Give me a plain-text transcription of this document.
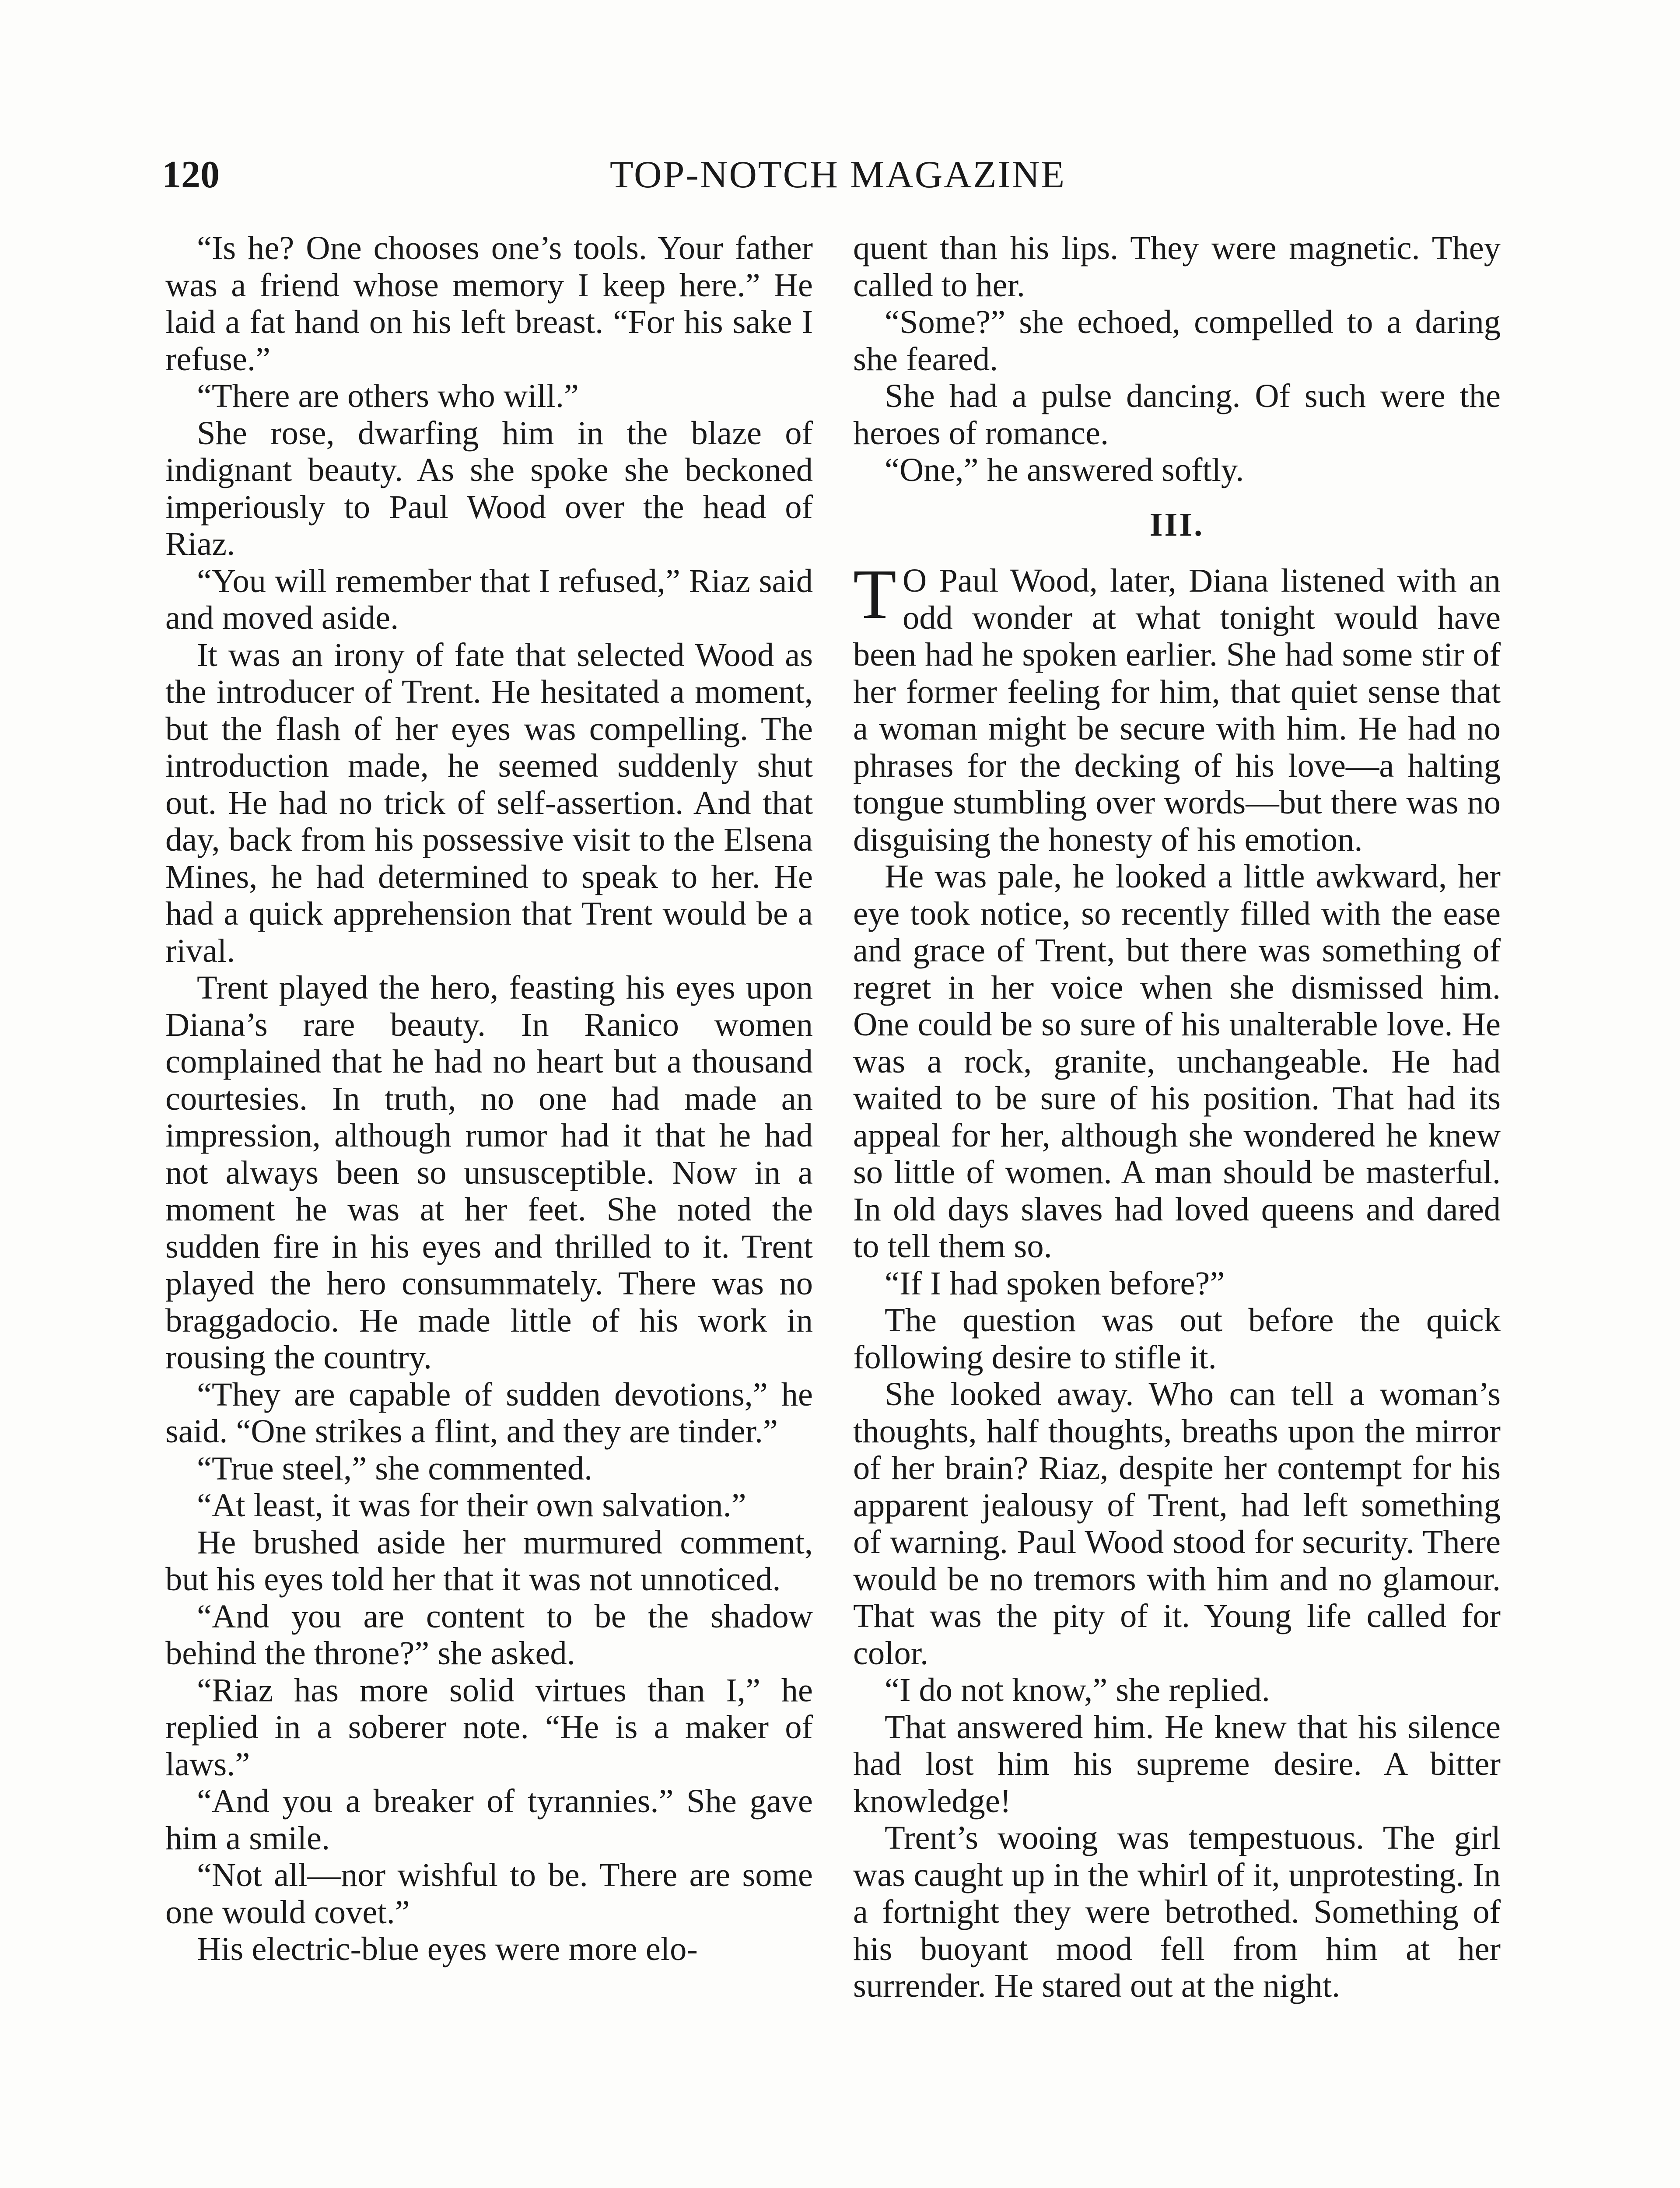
120	TOP-NOTCH MAGAZINE

“Is he? One chooses one’s tools. Your father was a friend whose memory I keep here.” He laid a fat hand on his left breast. “For his sake I refuse.”

“There are others who will.”

She rose, dwarfing him in the blaze of indignant beauty. As she spoke she beckoned imperiously to Paul Wood over the head of Riaz.

“You will remember that I refused,” Riaz said and moved aside.

It was an irony of fate that selected Wood as the introducer of Trent. He hesitated a moment, but the flash of her eyes was compelling. The introduction made, he seemed suddenly shut out. He had no trick of self-assertion. And that day, back from his possessive visit to the Elsena Mines, he had determined to speak to her. He had a quick apprehension that Trent would be a rival.

Trent played the hero, feasting his eyes upon Diana’s rare beauty. In Ranico women complained that he had no heart but a thousand courtesies. In truth, no one had made an impression, although rumor had it that he had not always been so unsusceptible. Now in a moment he was at her feet. She noted the sudden fire in his eyes and thrilled to it. Trent played the hero consummately. There was no braggadocio. He made little of his work in rousing the country.

“They are capable of sudden devotions,” he said. “One strikes a flint, and they are tinder.”

“True steel,” she commented.

“At least, it was for their own salvation.”

He brushed aside her murmured comment, but his eyes told her that it was not unnoticed.

“And you are content to be the shadow behind the throne?” she asked.

“Riaz has more solid virtues than I,” he replied in a soberer note. “He is a maker of laws.”

“And you a breaker of tyrannies.” She gave him a smile.

“Not all—nor wishful to be. There are some one would covet.”

His electric-blue eyes were more elo-

quent than his lips. They were magnetic. They called to her.

“Some?” she echoed, compelled to a daring she feared.

She had a pulse dancing. Of such were the heroes of romance.

“One,” he answered softly.

III.

T O Paul Wood, later, Diana listened with an odd wonder at what tonight would have been had he spoken earlier. She had some stir of her former feeling for him, that quiet sense that a woman might be secure with him. He had no phrases for the decking of his love—a halting tongue stumbling over words—but there was no disguising the honesty of his emotion.

He was pale, he looked a little awkward, her eye took notice, so recently filled with the ease and grace of Trent, but there was something of regret in her voice when she dismissed him. One could be so sure of his unalterable love. He was a rock, granite, unchangeable. He had waited to be sure of his position. That had its appeal for her, although she wondered he knew so little of women. A man should be masterful. In old days slaves had loved queens and dared to tell them so.

“If I had spoken before?”

The question was out before the quick following desire to stifle it.

She looked away. Who can tell a woman’s thoughts, half thoughts, breaths upon the mirror of her brain? Riaz, despite her contempt for his apparent jealousy of Trent, had left something of warning. Paul Wood stood for security. There would be no tremors with him and no glamour. That was the pity of it. Young life called for color.

“I do not know,” she replied.

That answered him. He knew that his silence had lost him his supreme desire. A bitter knowledge!

Trent’s wooing was tempestuous. The girl was caught up in the whirl of it, unprotesting. In a fortnight they were betrothed. Something of his buoyant mood fell from him at her surrender. He stared out at the night.
